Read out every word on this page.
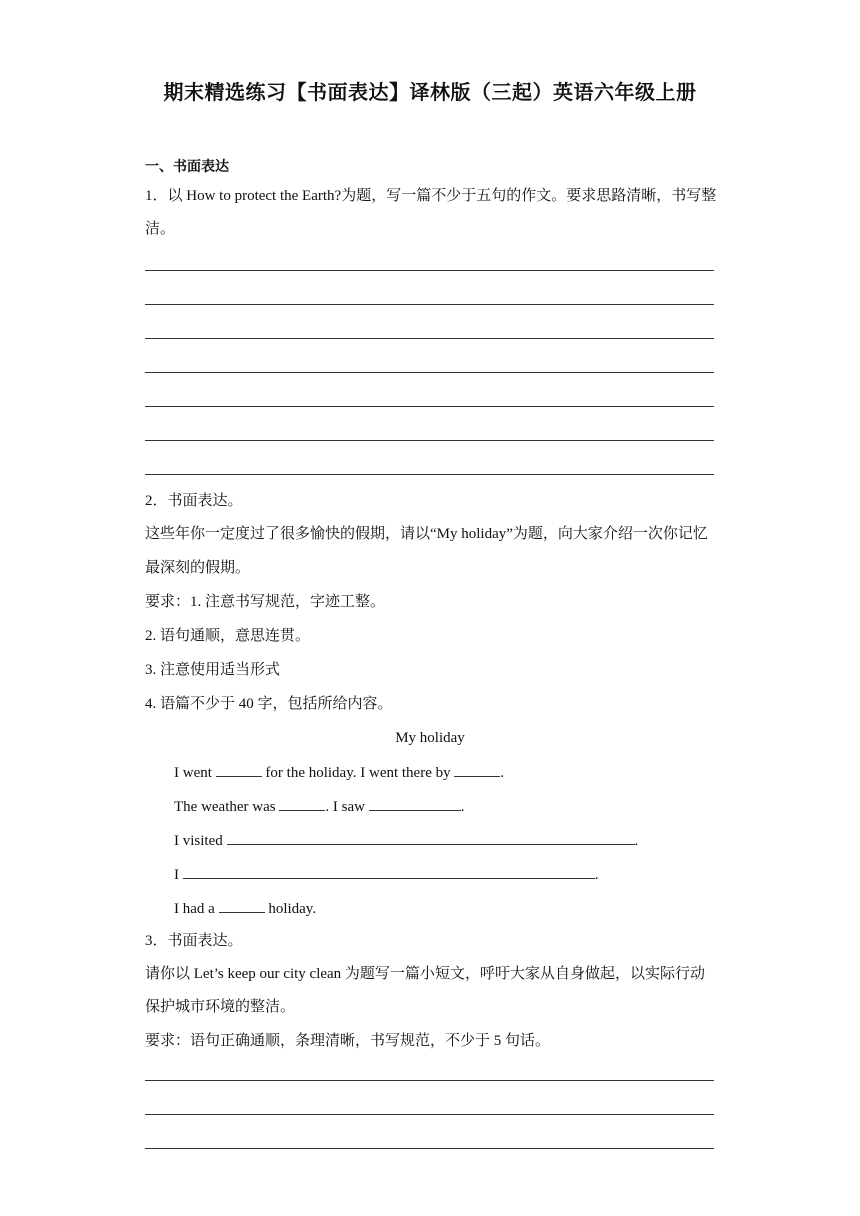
期末精选练习【书面表达】译林版（三起）英语六年级上册
一、书面表达
1．以 How to protect the Earth?为题，写一篇不少于五句的作文。要求思路清晰，书写整
洁。
2．书面表达。
这些年你一定度过了很多愉快的假期，请以“My holiday”为题，向大家介绍一次你记忆
最深刻的假期。
要求：1. 注意书写规范，字迹工整。
2. 语句通顺，意思连贯。
3. 注意使用适当形式
4. 语篇不少于 40 字，包括所给内容。
My holiday
I went	for the holiday. I went there by	.
The weather was	. I saw	.
I visited	.
I	.
I had a	holiday.
3．书面表达。
请你以 Let’s keep our city clean 为题写一篇小短文，呼吁大家从自身做起，以实际行动
保护城市环境的整洁。
要求：语句正确通顺，条理清晰，书写规范，不少于 5 句话。
